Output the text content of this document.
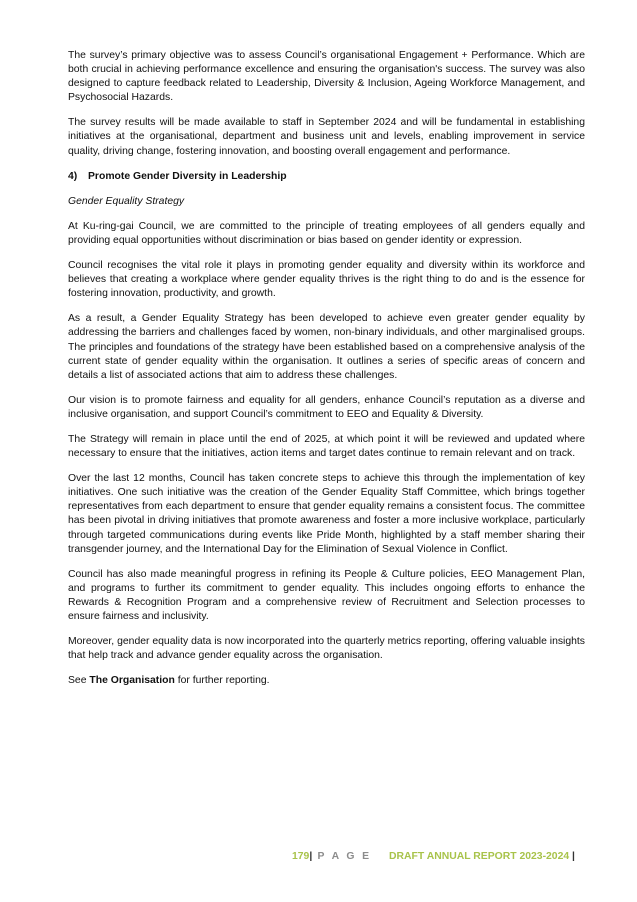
The survey’s primary objective was to assess Council’s organisational Engagement + Performance. Which are both crucial in achieving performance excellence and ensuring the organisation's success. The survey was also designed to capture feedback related to Leadership, Diversity & Inclusion, Ageing Workforce Management, and Psychosocial Hazards.

The survey results will be made available to staff in September 2024 and will be fundamental in establishing initiatives at the organisational, department and business unit and levels, enabling improvement in service quality, driving change, fostering innovation, and boosting overall engagement and performance.

4) Promote Gender Diversity in Leadership

Gender Equality Strategy

At Ku-ring-gai Council, we are committed to the principle of treating employees of all genders equally and providing equal opportunities without discrimination or bias based on gender identity or expression.

Council recognises the vital role it plays in promoting gender equality and diversity within its workforce and believes that creating a workplace where gender equality thrives is the right thing to do and is the essence for fostering innovation, productivity, and growth.

As a result, a Gender Equality Strategy has been developed to achieve even greater gender equality by addressing the barriers and challenges faced by women, non-binary individuals, and other marginalised groups. The principles and foundations of the strategy have been established based on a comprehensive analysis of the current state of gender equality within the organisation. It outlines a series of specific areas of concern and details a list of associated actions that aim to address these challenges.

Our vision is to promote fairness and equality for all genders, enhance Council’s reputation as a diverse and inclusive organisation, and support Council’s commitment to EEO and Equality & Diversity.

The Strategy will remain in place until the end of 2025, at which point it will be reviewed and updated where necessary to ensure that the initiatives, action items and target dates continue to remain relevant and on track.

Over the last 12 months, Council has taken concrete steps to achieve this through the implementation of key initiatives. One such initiative was the creation of the Gender Equality Staff Committee, which brings together representatives from each department to ensure that gender equality remains a consistent focus. The committee has been pivotal in driving initiatives that promote awareness and foster a more inclusive workplace, particularly through targeted communications during events like Pride Month, highlighted by a staff member sharing their transgender journey, and the International Day for the Elimination of Sexual Violence in Conflict.

Council has also made meaningful progress in refining its People & Culture policies, EEO Management Plan, and programs to further its commitment to gender equality. This includes ongoing efforts to enhance the Rewards & Recognition Program and a comprehensive review of Recruitment and Selection processes to ensure fairness and inclusivity.

Moreover, gender equality data is now incorporated into the quarterly metrics reporting, offering valuable insights that help track and advance gender equality across the organisation.

See The Organisation for further reporting.

179| P A G E DRAFT ANNUAL REPORT 2023-2024 |
